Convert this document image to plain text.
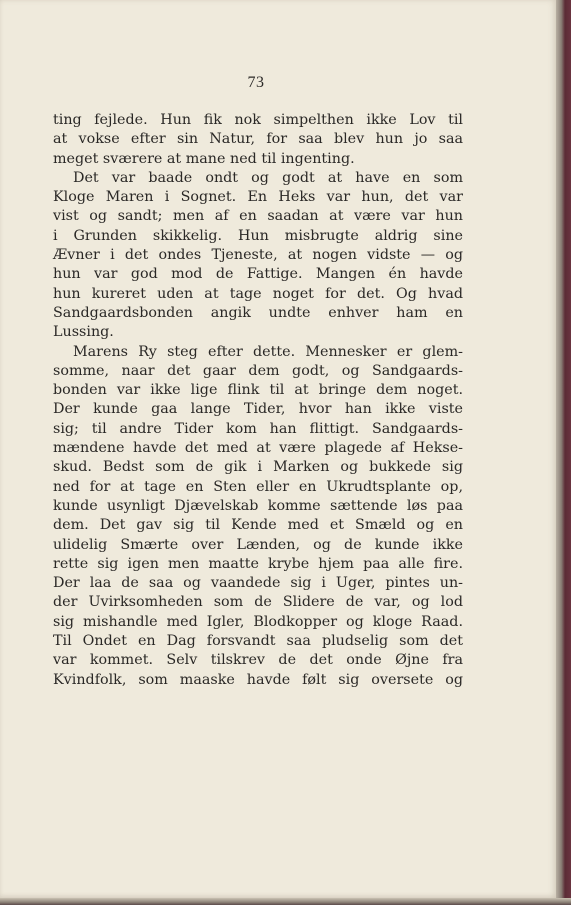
73
ting fejlede. Hun fik nok simpelthen ikke Lov til
at vokse efter sin Natur, for saa blev hun jo saa
meget sværere at mane ned til ingenting.
Det var baade ondt og godt at have en som
Kloge Maren i Sognet. En Heks var hun, det var
vist og sandt; men af en saadan at være var hun
i Grunden skikkelig. Hun misbrugte aldrig sine
Ævner i det ondes Tjeneste, at nogen vidste — og
hun var god mod de Fattige. Mangen én havde
hun kureret uden at tage noget for det. Og hvad
Sandgaardsbonden angik undte enhver ham en
Lussing.
Marens Ry steg efter dette. Mennesker er glem-
somme, naar det gaar dem godt, og Sandgaards-
bonden var ikke lige flink til at bringe dem noget.
Der kunde gaa lange Tider, hvor han ikke viste
sig; til andre Tider kom han flittigt. Sandgaards-
mændene havde det med at være plagede af Hekse-
skud. Bedst som de gik i Marken og bukkede sig
ned for at tage en Sten eller en Ukrudtsplante op,
kunde usynligt Djævelskab komme sættende løs paa
dem. Det gav sig til Kende med et Smæld og en
ulidelig Smærte over Lænden, og de kunde ikke
rette sig igen men maatte krybe hjem paa alle fire.
Der laa de saa og vaandede sig i Uger, pintes un-
der Uvirksomheden som de Slidere de var, og lod
sig mishandle med Igler, Blodkopper og kloge Raad.
Til Ondet en Dag forsvandt saa pludselig som det
var kommet. Selv tilskrev de det onde Øjne fra
Kvindfolk, som maaske havde følt sig oversete og
